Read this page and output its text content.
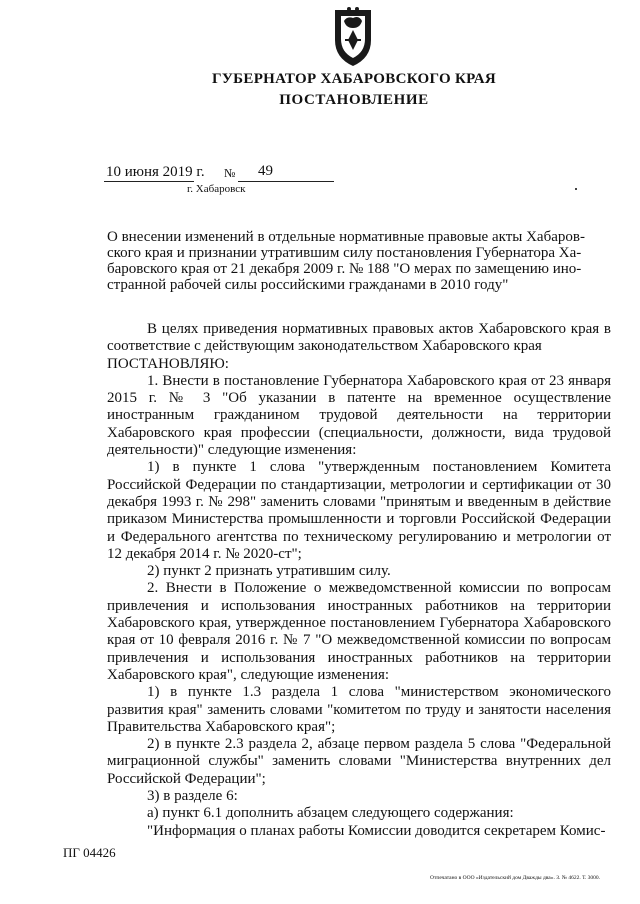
ГУБЕРНАТОР ХАБАРОВСКОГО КРАЯ
ПОСТАНОВЛЕНИЕ
10 июня 2019 г. № 49
г. Хабаровск

О внесении изменений в отдельные нормативные правовые акты Хабаров-

ского края и признании утратившим силу постановления Губернатора Ха-

баровского края от 21 декабря 2009 г. № 188 "О мерах по замещению ино-

странной рабочей силы российскими гражданами в 2010 году"

В целях приведения нормативных правовых актов Хабаровского края в соответствие с действующим законодательством Хабаровского края

ПОСТАНОВЛЯЮ:

1. Внести в постановление Губернатора Хабаровского края от 23 января 2015 г. № 3 "Об указании в патенте на временное осуществление иностранным гражданином трудовой деятельности на территории Хабаровского края профессии (специальности, должности, вида трудовой деятельности)" следующие изменения:

1) в пункте 1 слова "утвержденным постановлением Комитета Российской Федерации по стандартизации, метрологии и сертификации от 30 декабря 1993 г. № 298" заменить словами "принятым и введенным в действие приказом Министерства промышленности и торговли Российской Федерации и Федерального агентства по техническому регулированию и метрологии от 12 декабря 2014 г. № 2020-ст";

2) пункт 2 признать утратившим силу.

2. Внести в Положение о межведомственной комиссии по вопросам привлечения и использования иностранных работников на территории Хабаровского края, утвержденное постановлением Губернатора Хабаровского края от 10 февраля 2016 г. № 7 "О межведомственной комиссии по вопросам привлечения и использования иностранных работников на территории Хабаровского края", следующие изменения:

1) в пункте 1.3 раздела 1 слова "министерством экономического развития края" заменить словами "комитетом по труду и занятости населения Правительства Хабаровского края";

2) в пункте 2.3 раздела 2, абзаце первом раздела 5 слова "Федеральной миграционной службы" заменить словами "Министерства внутренних дел Российской Федерации";

3) в разделе 6:

а) пункт 6.1 дополнить абзацем следующего содержания:

"Информация о планах работы Комиссии доводится секретарем Комис-

ПГ 04426
Отпечатано в ООО «Издательский дом Дважды два». З. № 4622. Т. 3000.
